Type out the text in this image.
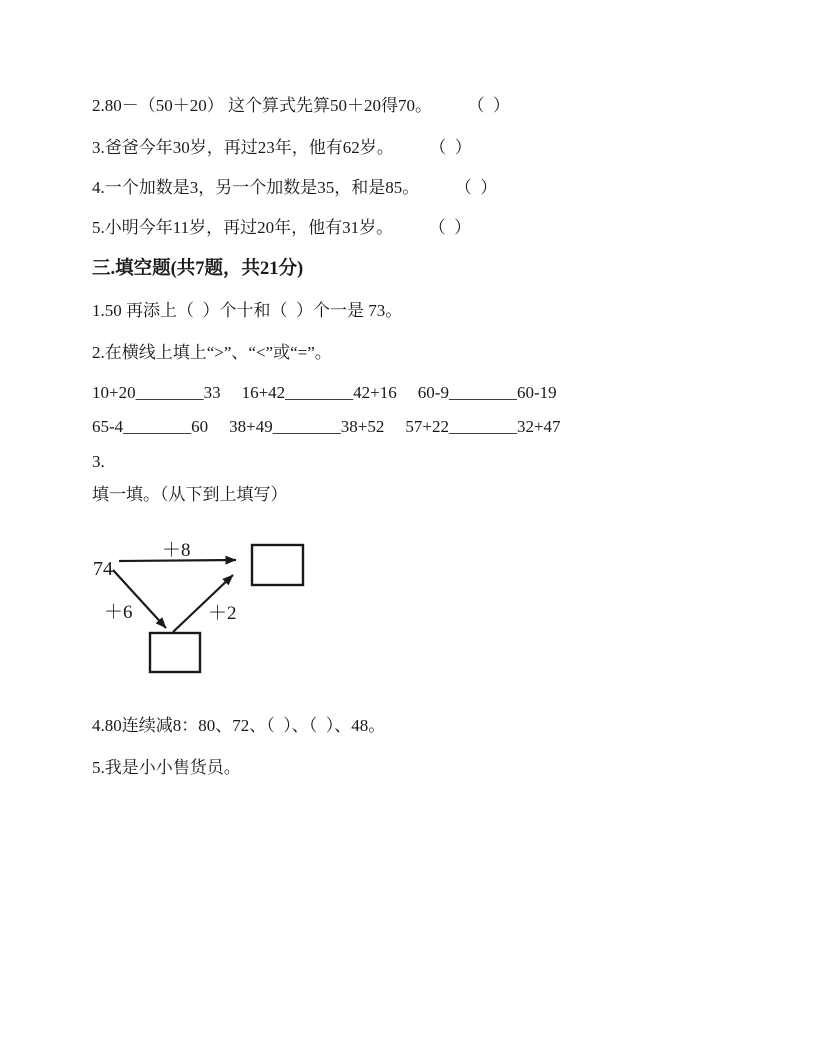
2.80－（50＋20） 这个算式先算50＋20得70。	（  ）
3.爸爸今年30岁，再过23年，他有62岁。	（  ）
4.一个加数是3，另一个加数是35，和是85。	（  ）
5.小明今年11岁，再过20年，他有31岁。	（  ）
三.填空题(共7题，共21分)
1.50 再添上（  ）个十和（  ）个一是 73。
2.在横线上填上“>”、“<”或“=”。
10+20________33 16+42________42+16 60-9________60-19
65-4________60 38+49________38+52 57+22________32+47
3.
填一填。（从下到上填写）
74
＋8
＋6	＋2
4.80连续减8：80、72、（  ）、（  ）、48。
5.我是小小售货员。
